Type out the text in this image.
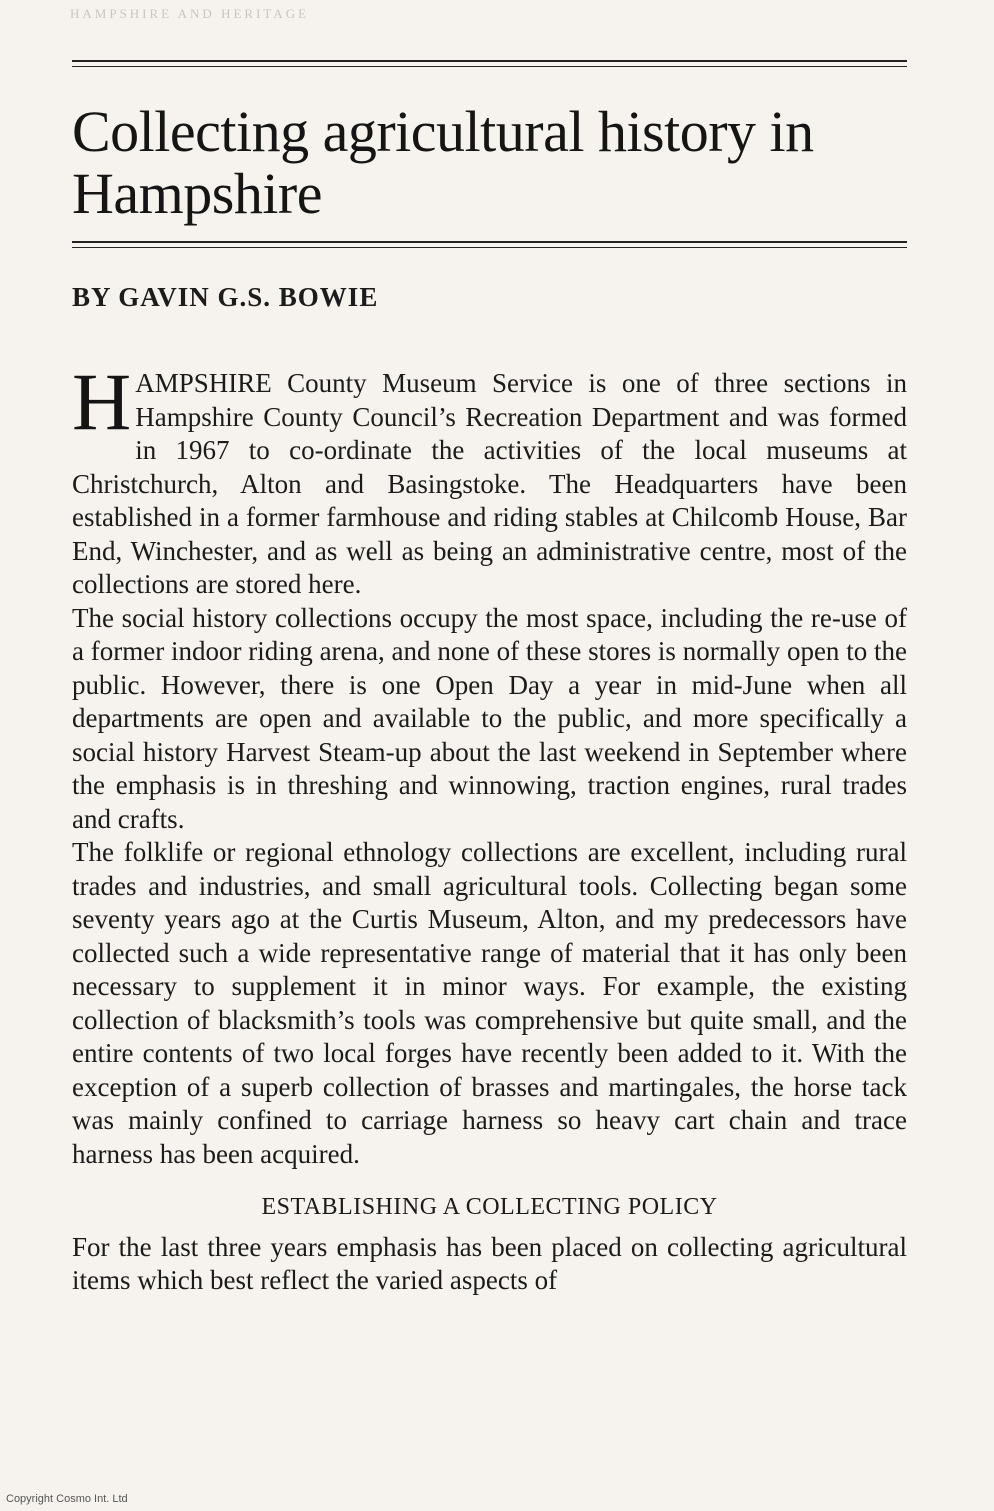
HAMPSHIRE AND HERITAGE
Collecting agricultural history in Hampshire
BY GAVIN G.S. BOWIE

HAMPSHIRE County Museum Service is one of three sections in Hampshire County Council’s Recreation Department and was formed in 1967 to co-ordinate the activities of the local museums at Christchurch, Alton and Basingstoke. The Headquarters have been established in a former farmhouse and riding stables at Chilcomb House, Bar End, Winchester, and as well as being an administrative centre, most of the collections are stored here.

The social history collections occupy the most space, including the re-use of a former indoor riding arena, and none of these stores is normally open to the public. However, there is one Open Day a year in mid-June when all departments are open and available to the public, and more specifically a social history Harvest Steam-up about the last weekend in September where the emphasis is in threshing and winnowing, traction engines, rural trades and crafts.

The folklife or regional ethnology collections are excellent, including rural trades and industries, and small agricultural tools. Collecting began some seventy years ago at the Curtis Museum, Alton, and my predecessors have collected such a wide representative range of material that it has only been necessary to supplement it in minor ways. For example, the existing collection of blacksmith’s tools was comprehensive but quite small, and the entire contents of two local forges have recently been added to it. With the exception of a superb collection of brasses and martingales, the horse tack was mainly confined to carriage harness so heavy cart chain and trace harness has been acquired.

ESTABLISHING A COLLECTING POLICY

For the last three years emphasis has been placed on collecting agricultural items which best reflect the varied aspects of

Copyright Cosmo Int. Ltd
